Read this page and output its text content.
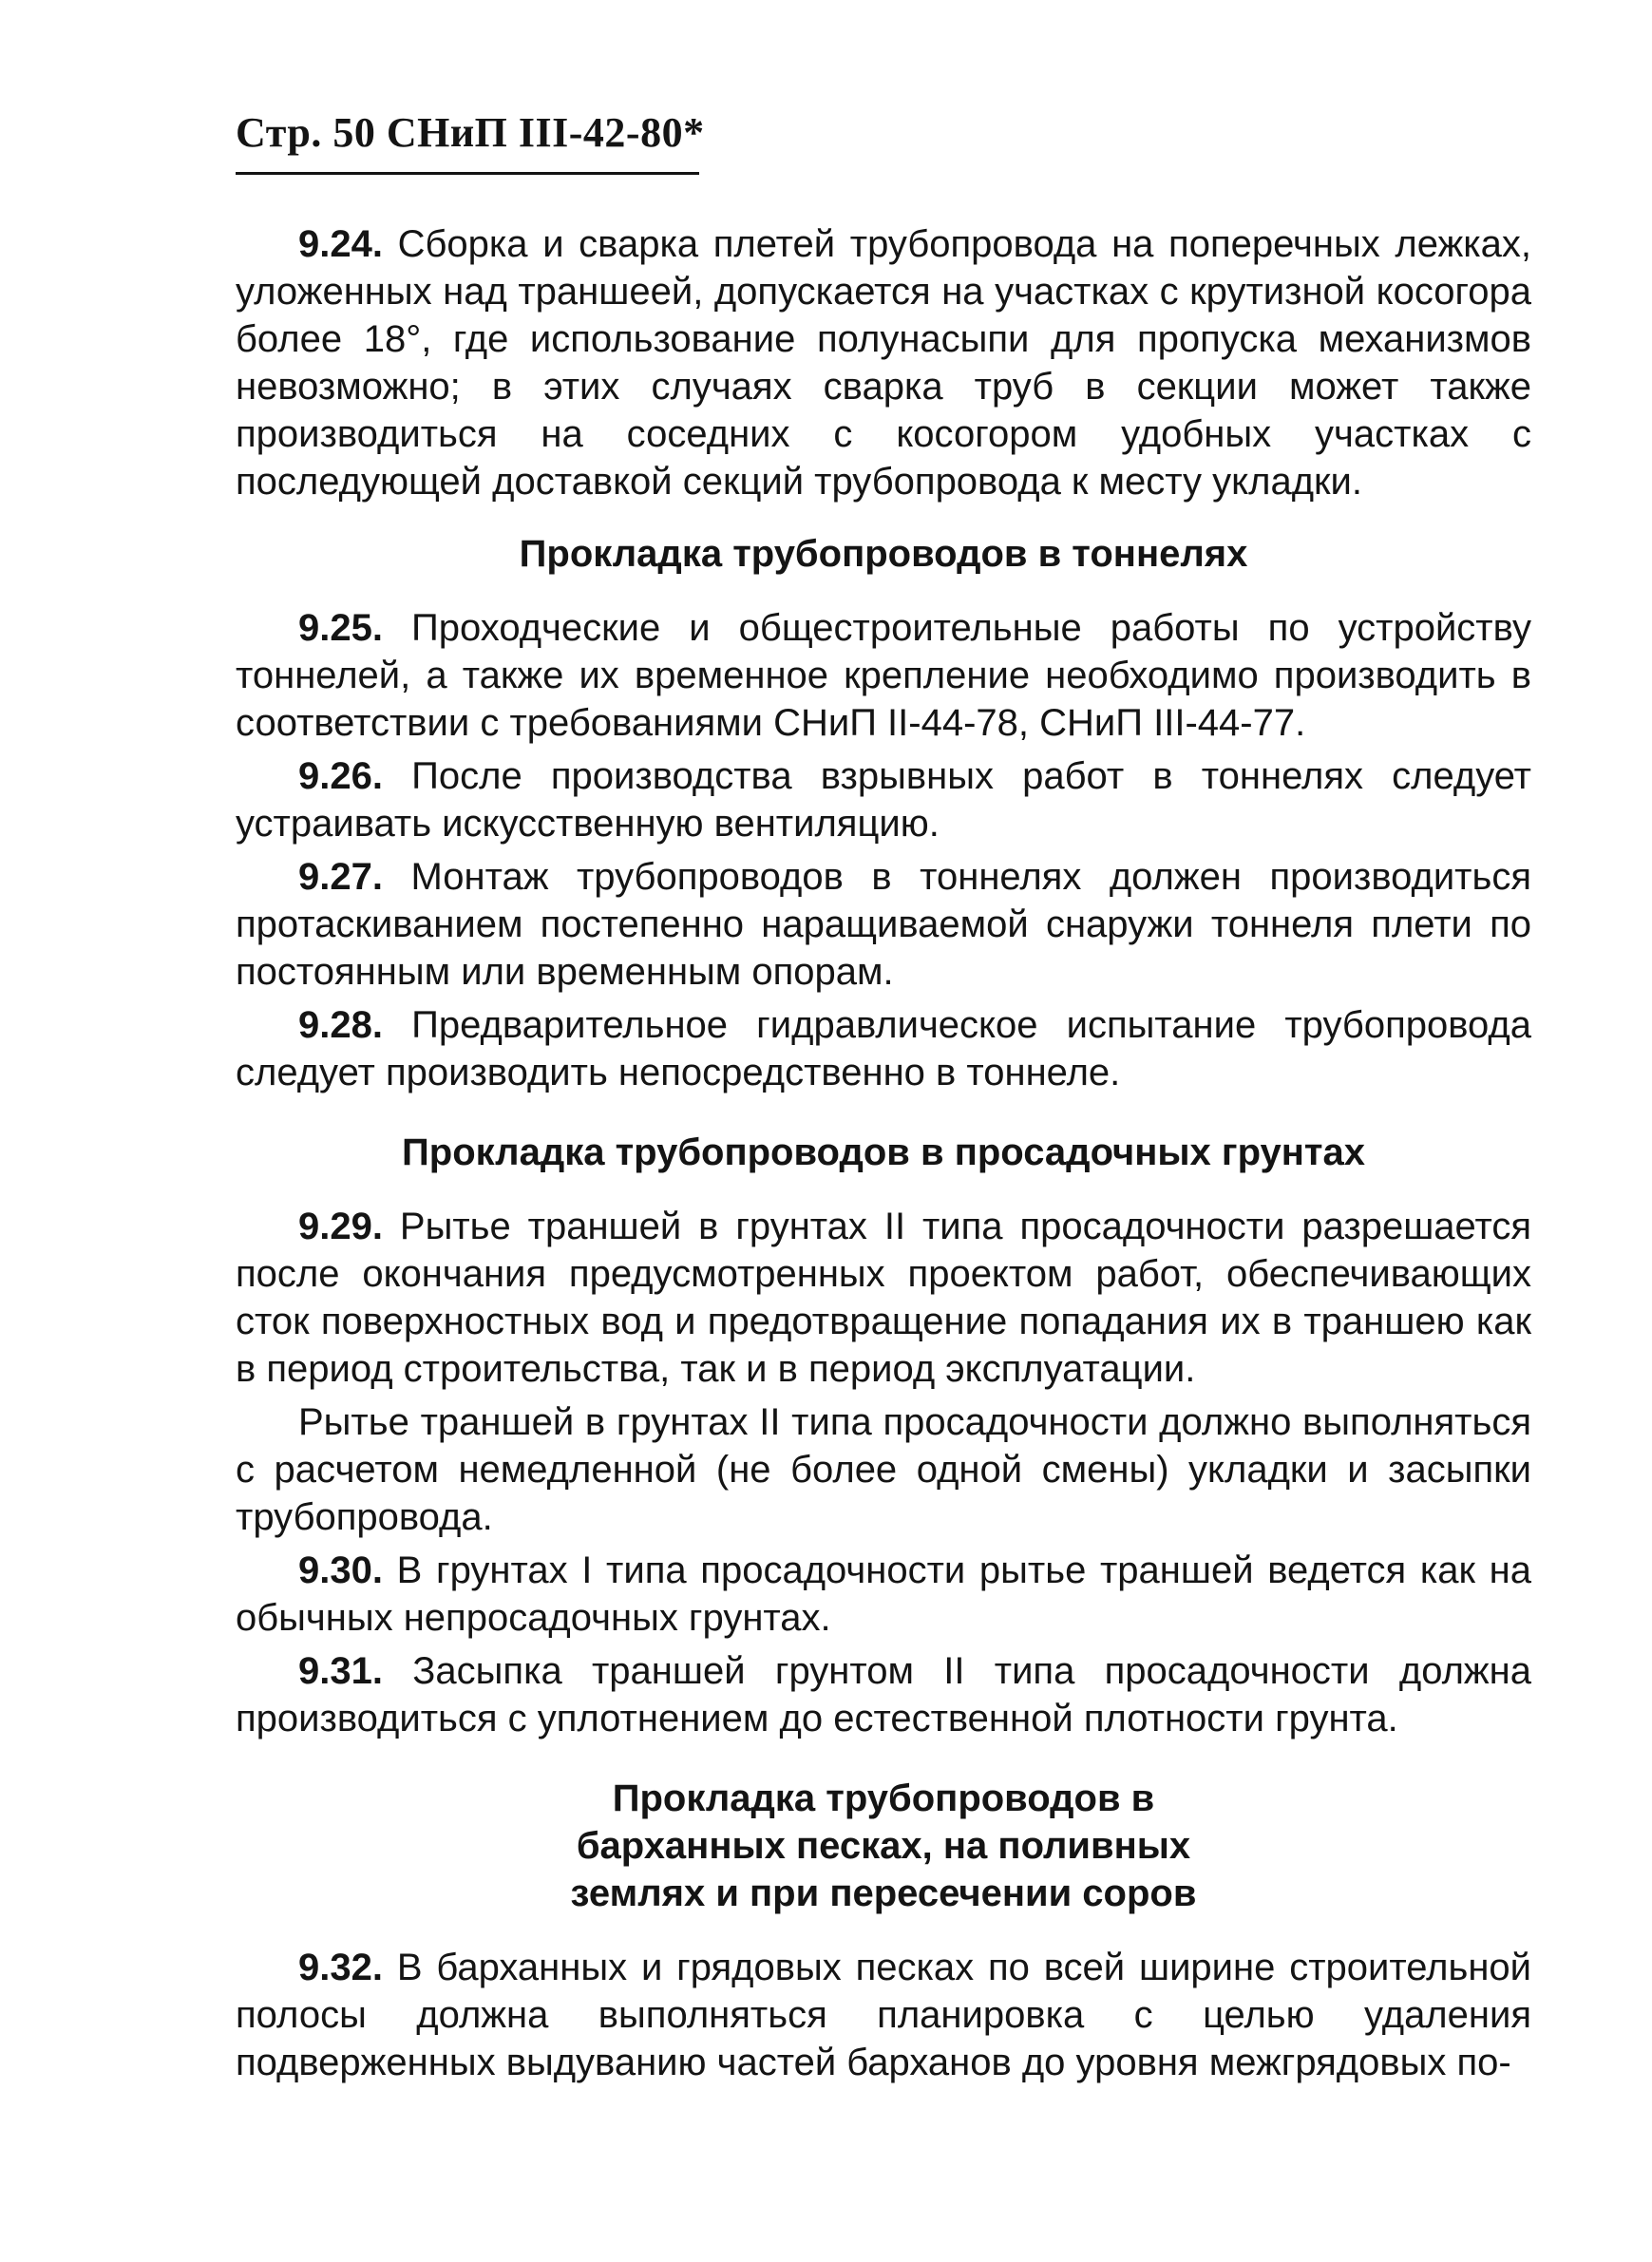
Стр. 50 СНиП III-42-80*

9.24. Сборка и сварка плетей трубопровода на поперечных лежках, уложенных над траншеей, допускается на участках с крутизной косогора более 18°, где использование полунасыпи для пропуска механизмов невозможно; в этих случаях сварка труб в секции может также производиться на соседних с косогором удобных участках с последующей доставкой секций трубопровода к месту укладки.

Прокладка трубопроводов в тоннелях

9.25. Проходческие и общестроительные работы по устройству тоннелей, а также их временное крепление необходимо производить в соответствии с требованиями СНиП II-44-78, СНиП III-44-77.

9.26. После производства взрывных работ в тоннелях следует устраивать искусственную вентиляцию.

9.27. Монтаж трубопроводов в тоннелях должен производиться протаскиванием постепенно наращиваемой снаружи тоннеля плети по постоянным или временным опорам.

9.28. Предварительное гидравлическое испытание трубопровода следует производить непосредственно в тоннеле.

Прокладка трубопроводов в просадочных грунтах

9.29. Рытье траншей в грунтах II типа просадочности разрешается после окончания предусмотренных проектом работ, обеспечивающих сток поверхностных вод и предотвращение попадания их в траншею как в период строительства, так и в период эксплуатации.

Рытье траншей в грунтах II типа просадочности должно выполняться с расчетом немедленной (не более одной смены) укладки и засыпки трубопровода.

9.30. В грунтах I типа просадочности рытье траншей ведется как на обычных непросадочных грунтах.

9.31. Засыпка траншей грунтом II типа просадочности должна производиться с уплотнением до естественной плотности грунта.

Прокладка трубопроводов в барханных песках, на поливных землях и при пересечении соров

9.32. В барханных и грядовых песках по всей ширине строительной полосы должна выполняться планировка с целью удаления подверженных выдуванию частей барханов до уровня межгрядовых по-
